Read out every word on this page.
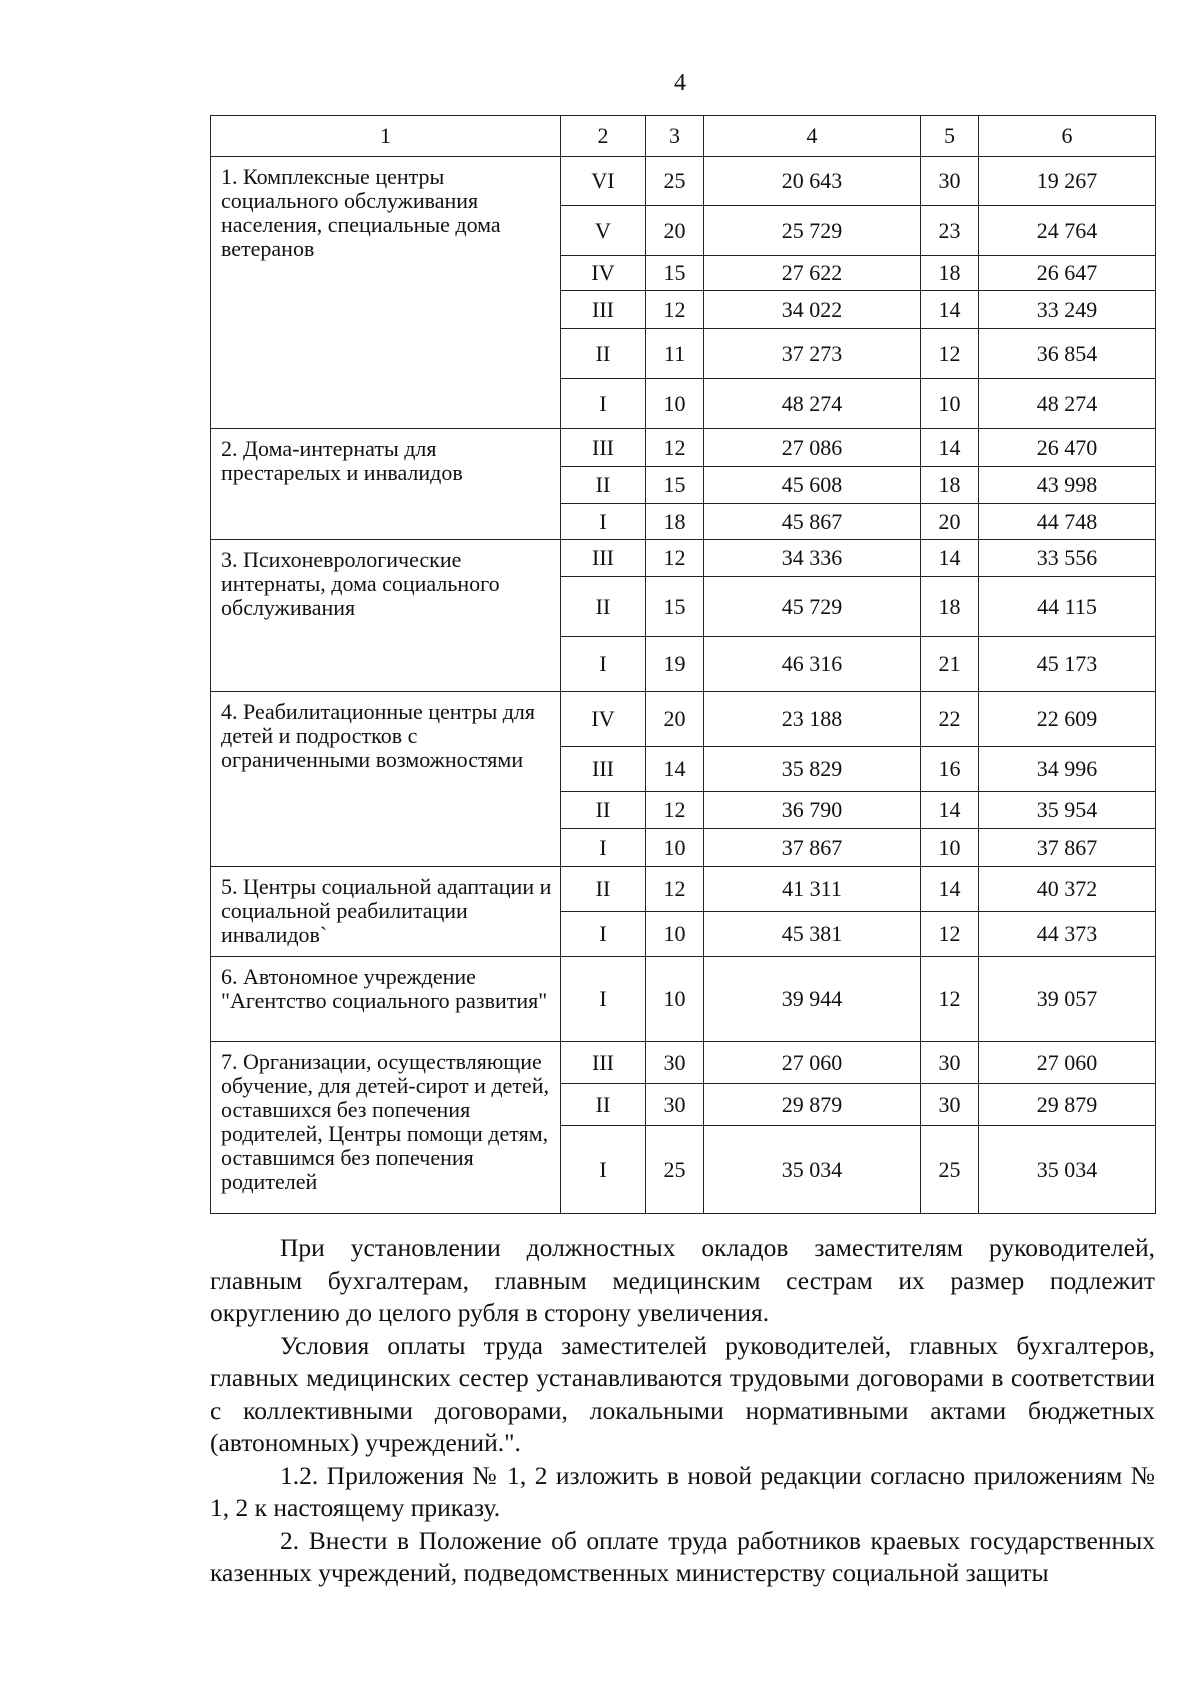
4
1	2	3	4	5	6
1. Комплексные центры социального обслуживания населения, специальные дома ветеранов	VI	25	20 643	30	19 267
	V	20	25 729	23	24 764
	IV	15	27 622	18	26 647
	III	12	34 022	14	33 249
	II	11	37 273	12	36 854
	I	10	48 274	10	48 274
2. Дома-интернаты для престарелых и инвалидов	III	12	27 086	14	26 470
	II	15	45 608	18	43 998
	I	18	45 867	20	44 748
3. Психоневрологические интернаты, дома социального обслуживания	III	12	34 336	14	33 556
	II	15	45 729	18	44 115
	I	19	46 316	21	45 173
4. Реабилитационные центры для детей и подростков с ограниченными возможностями	IV	20	23 188	22	22 609
	III	14	35 829	16	34 996
	II	12	36 790	14	35 954
	I	10	37 867	10	37 867
5. Центры социальной адаптации и социальной реабилитации инвалидов`	II	12	41 311	14	40 372
	I	10	45 381	12	44 373
6. Автономное учреждение "Агентство социального развития"	I	10	39 944	12	39 057
7. Организации, осуществляющие обучение, для детей-сирот и детей, оставшихся без попечения родителей, Центры помощи детям, оставшимся без попечения родителей	III	30	27 060	30	27 060
	II	30	29 879	30	29 879
	I	25	35 034	25	35 034

При установлении должностных окладов заместителям руководителей, главным бухгалтерам, главным медицинским сестрам их размер подлежит округлению до целого рубля в сторону увеличения.

Условия оплаты труда заместителей руководителей, главных бухгалтеров, главных медицинских сестер устанавливаются трудовыми договорами в соответствии с коллективными договорами, локальными нормативными актами бюджетных (автономных) учреждений.".

1.2. Приложения № 1, 2 изложить в новой редакции согласно приложениям № 1, 2 к настоящему приказу.

2. Внести в Положение об оплате труда работников краевых государственных казенных учреждений, подведомственных министерству социальной защиты
